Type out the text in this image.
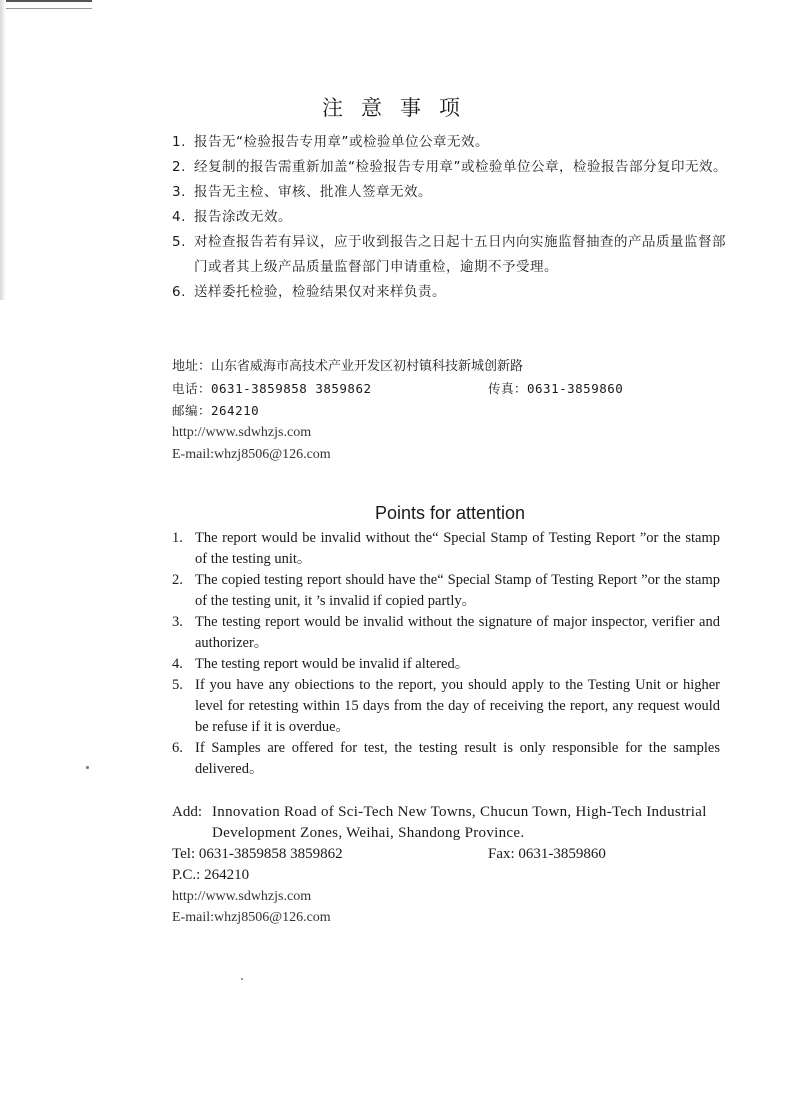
注意事项
1. 报告无“检验报告专用章”或检验单位公章无效。
2. 经复制的报告需重新加盖“检验报告专用章”或检验单位公章，检验报告部分复印无效。
3. 报告无主检、审核、批准人签章无效。
4. 报告涂改无效。
5. 对检查报告若有异议，应于收到报告之日起十五日内向实施监督抽查的产品质量监督部门或者其上级产品质量监督部门申请重检，逾期不予受理。
6. 送样委托检验，检验结果仅对来样负责。
地址：山东省威海市高技术产业开发区初村镇科技新城创新路
电话：0631-3859858 3859862	传真：0631-3859860
邮编：264210
http://www.sdwhzjs.com
E-mail:whzj8506@126.com
Points for attention
1. The report would be invalid without the“ Special Stamp of Testing Report ”or the stamp of the testing unit。
2. The copied testing report should have the“ Special Stamp of Testing Report ”or the stamp of the testing unit, it ’s invalid if copied partly。
3. The testing report would be invalid without the signature of major inspector, verifier and authorizer。
4. The testing report would be invalid if altered。
5. If you have any obiections to the report, you should apply to the Testing Unit or higher level for retesting within 15 days from the day of receiving the report, any request would be refuse if it is overdue。
6. If Samples are offered for test, the testing result is only responsible for the samples delivered。
Add: Innovation Road of Sci-Tech New Towns, Chucun Town, High-Tech Industrial Development Zones, Weihai, Shandong Province.
Tel: 0631-3859858 3859862	Fax: 0631-3859860
P.C.: 264210
http://www.sdwhzjs.com
E-mail:whzj8506@126.com
